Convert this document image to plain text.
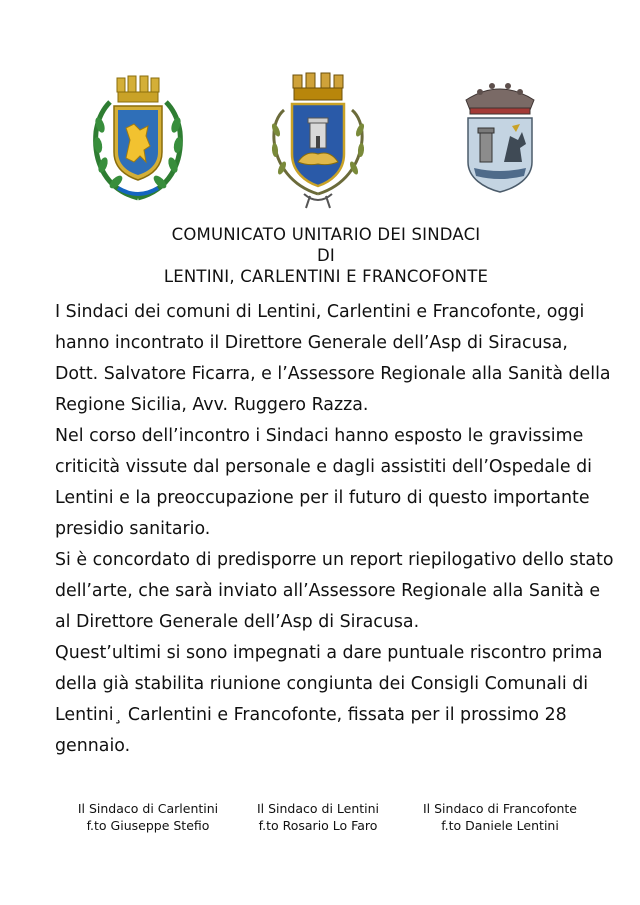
COMUNICATO UNITARIO DEI SINDACI
DI
LENTINI, CARLENTINI E FRANCOFONTE

I Sindaci dei comuni di Lentini, Carlentini e Francofonte, oggi hanno incontrato il Direttore Generale dell’Asp di Siracusa, Dott. Salvatore Ficarra, e l’Assessore Regionale alla Sanità della Regione Sicilia, Avv. Ruggero Razza.

Nel corso dell’incontro i Sindaci hanno esposto le gravissime criticità vissute dal personale e dagli assistiti dell’Ospedale di Lentini e la preoccupazione per il futuro di questo importante presidio sanitario.

Si è concordato di predisporre un report riepilogativo dello stato dell’arte, che sarà inviato all’Assessore Regionale alla Sanità e al Direttore Generale dell’Asp di Siracusa.

Quest’ultimi si sono impegnati a dare puntuale riscontro prima della già stabilita riunione congiunta dei Consigli Comunali di Lentini¸ Carlentini e Francofonte, fissata per il prossimo 28 gennaio.

Il Sindaco di Carlentini
f.to Giuseppe Stefio
Il Sindaco di Lentini
f.to Rosario Lo Faro
Il Sindaco di Francofonte
f.to Daniele Lentini
